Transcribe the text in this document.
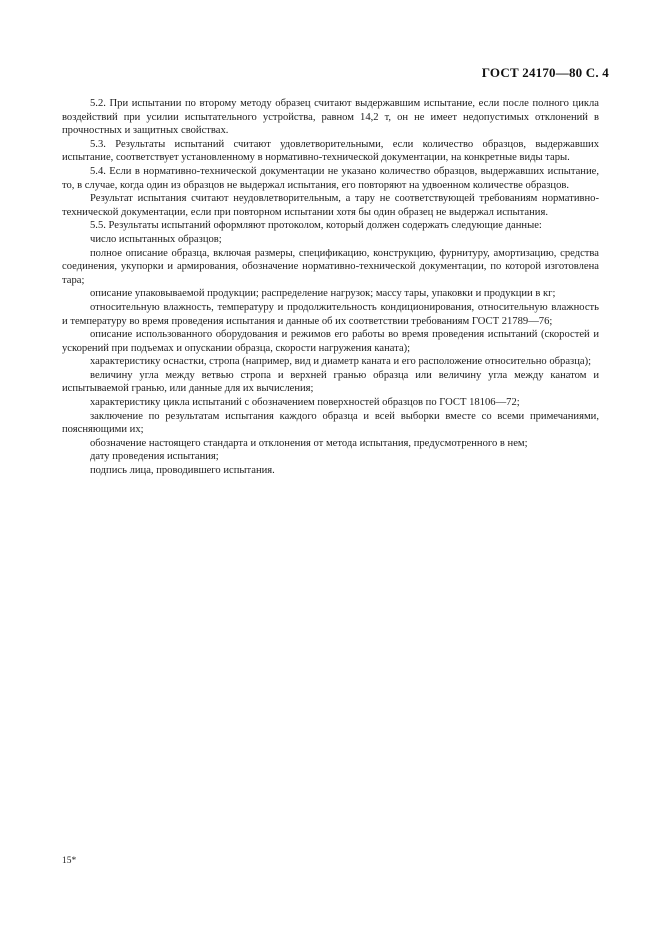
ГОСТ 24170—80 С. 4

5.2. При испытании по второму методу образец считают выдержавшим испытание, если после полного цикла воздействий при усилии испытательного устройства, равном 14,2 т, он не имеет недопустимых отклонений в прочностных и защитных свойствах.

5.3. Результаты испытаний считают удовлетворительными, если количество образцов, выдержавших испытание, соответствует установленному в нормативно-технической документации, на конкретные виды тары.

5.4. Если в нормативно-технической документации не указано количество образцов, выдержавших испытание, то, в случае, когда один из образцов не выдержал испытания, его повторяют на удвоенном количестве образцов.

Результат испытания считают неудовлетворительным, а тару не соответствующей требованиям нормативно-технической документации, если при повторном испытании хотя бы один образец не выдержал испытания.

5.5. Результаты испытаний оформляют протоколом, который должен содержать следующие данные:

число испытанных образцов;

полное описание образца, включая размеры, спецификацию, конструкцию, фурнитуру, амортизацию, средства соединения, укупорки и армирования, обозначение нормативно-технической документации, по которой изготовлена тара;

описание упаковываемой продукции; распределение нагрузок; массу тары, упаковки и продукции в кг;

относительную влажность, температуру и продолжительность кондиционирования, относительную влажность и температуру во время проведения испытания и данные об их соответствии требованиям ГОСТ 21789—76;

описание использованного оборудования и режимов его работы во время проведения испытаний (скоростей и ускорений при подъемах и опускании образца, скорости нагружения каната);

характеристику оснастки, стропа (например, вид и диаметр каната и его расположение относительно образца);

величину угла между ветвью стропа и верхней гранью образца или величину угла между канатом и испытываемой гранью, или данные для их вычисления;

характеристику цикла испытаний с обозначением поверхностей образцов по ГОСТ 18106—72;

заключение по результатам испытания каждого образца и всей выборки вместе со всеми примечаниями, поясняющими их;

обозначение настоящего стандарта и отклонения от метода испытания, предусмотренного в нем;

дату проведения испытания;

подпись лица, проводившего испытания.

15*
